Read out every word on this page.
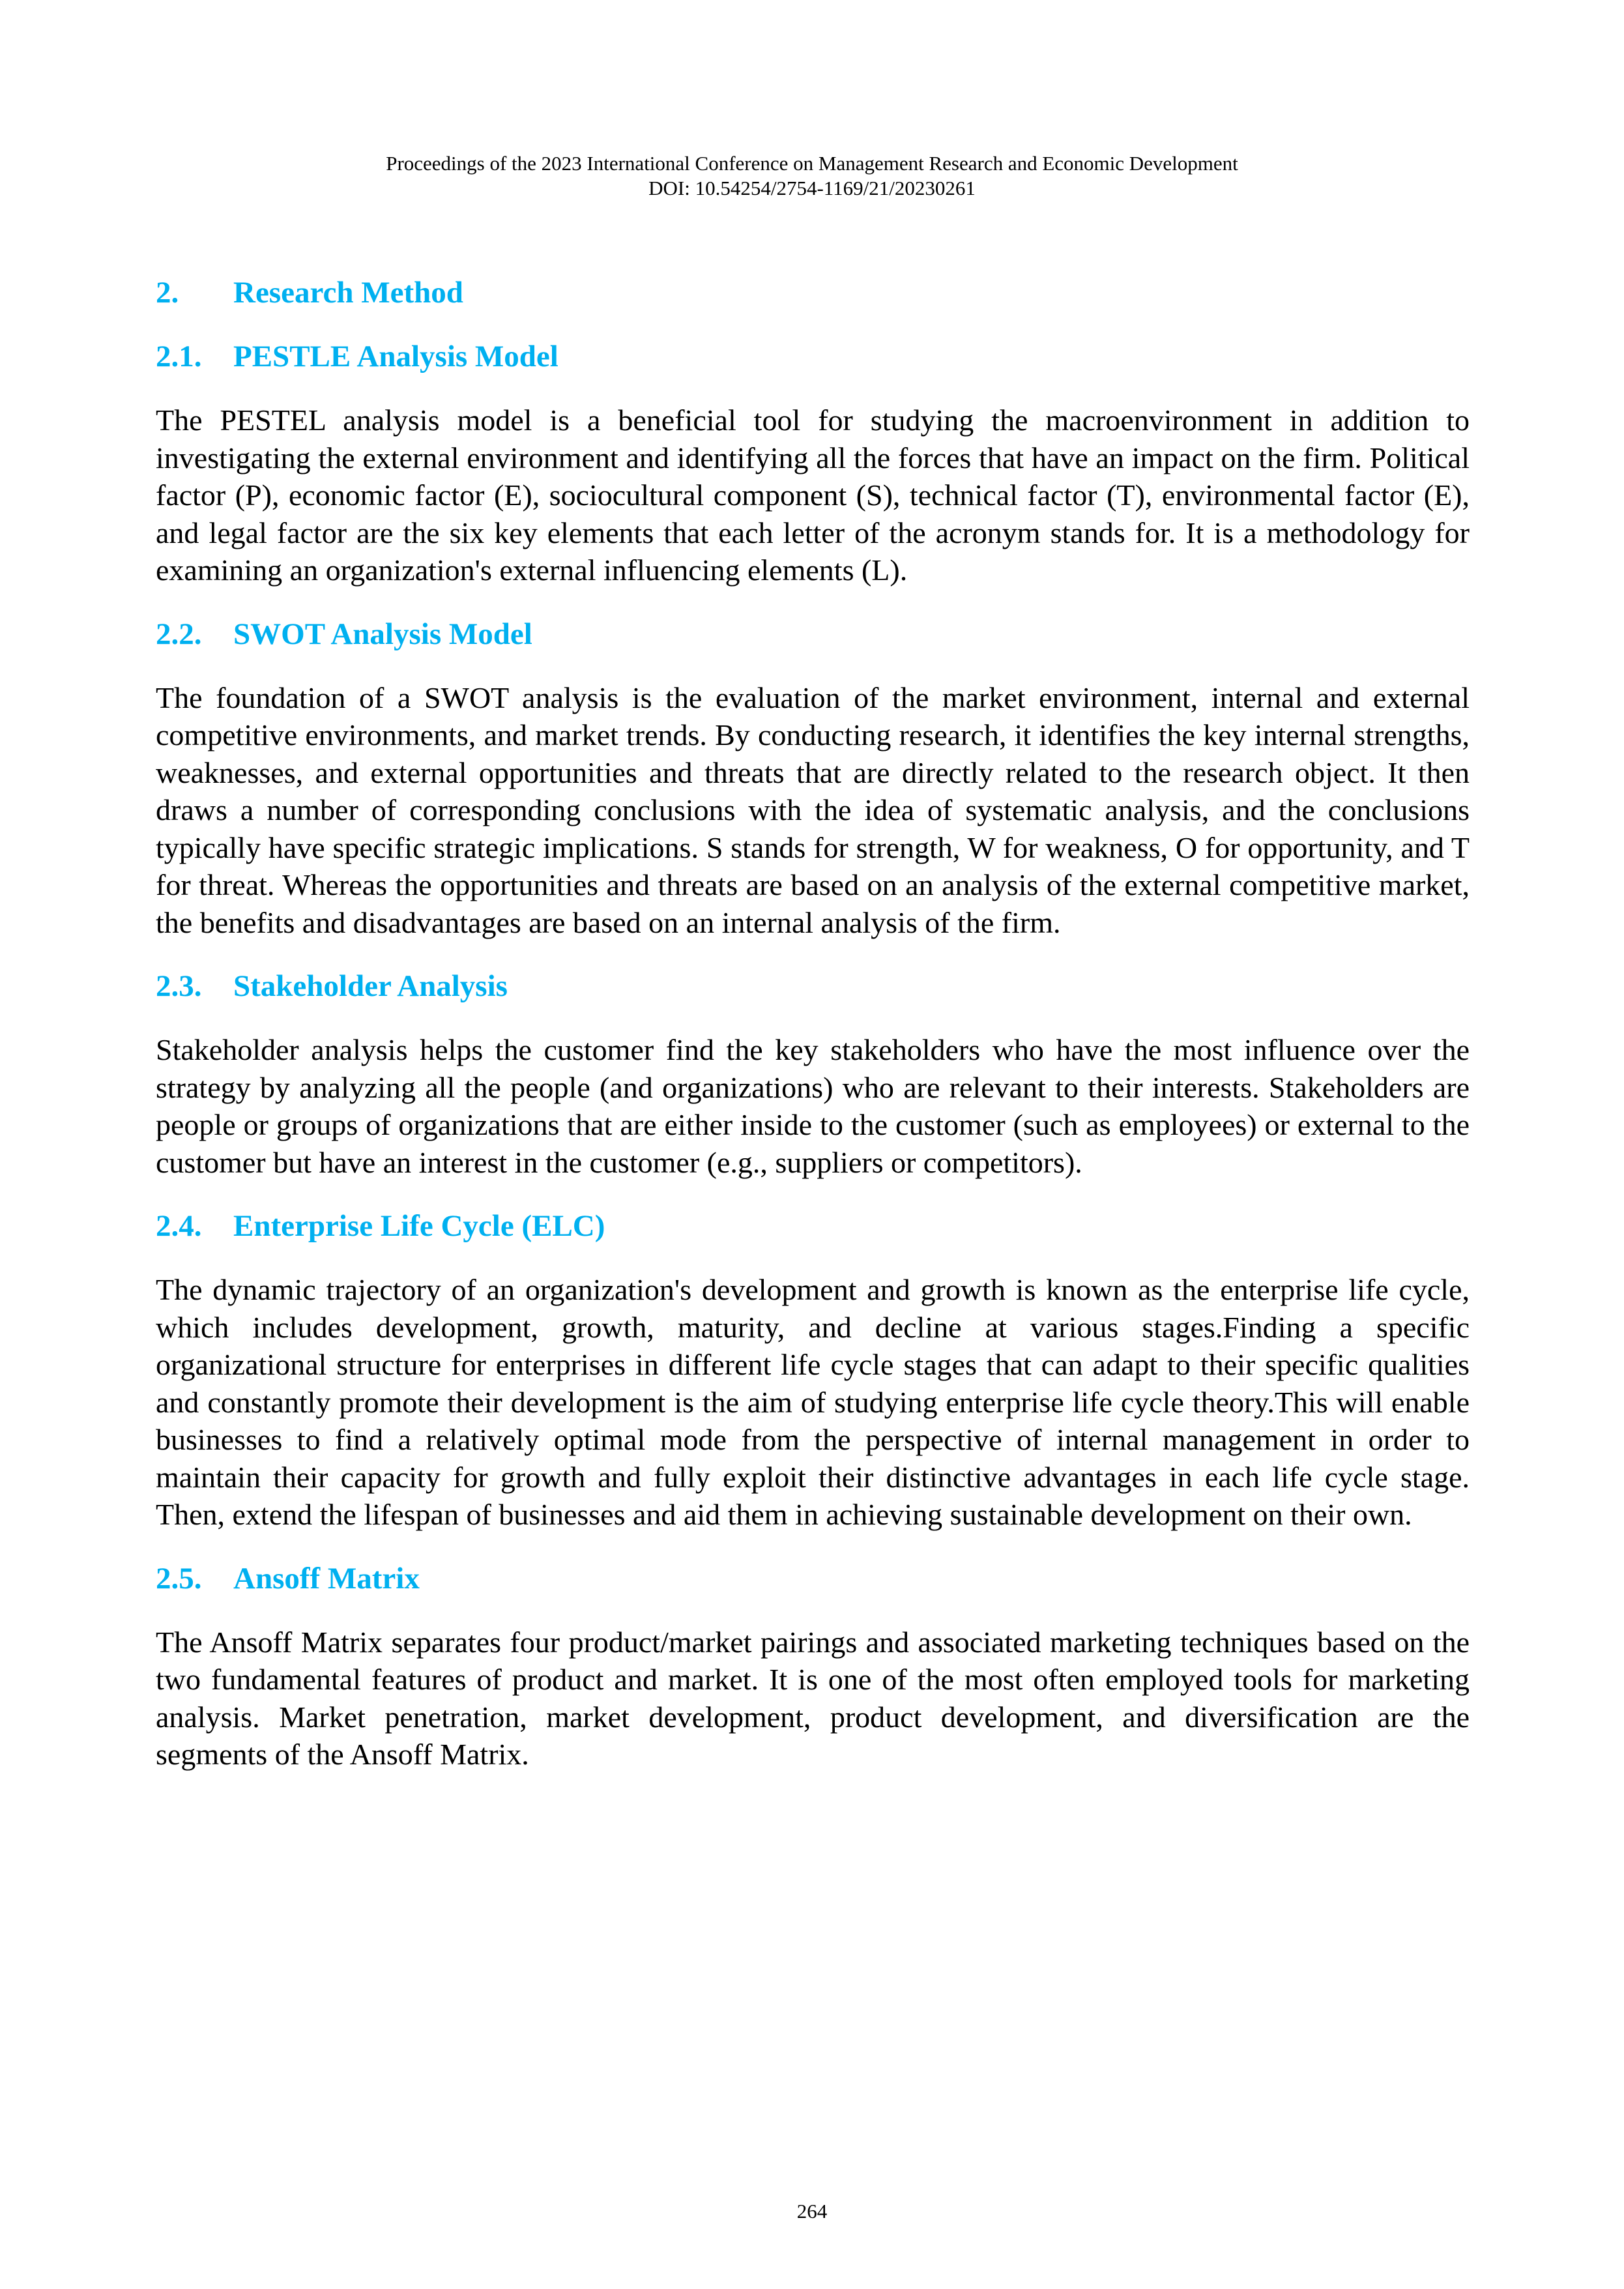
Proceedings of the 2023 International Conference on Management Research and Economic Development
DOI: 10.54254/2754-1169/21/20230261
2.	Research Method
2.1.	PESTLE Analysis Model

The PESTEL analysis model is a beneficial tool for studying the macroenvironment in addition to investigating the external environment and identifying all the forces that have an impact on the firm. Political factor (P), economic factor (E), sociocultural component (S), technical factor (T), environmental factor (E), and legal factor are the six key elements that each letter of the acronym stands for. It is a methodology for examining an organization's external influencing elements (L).

2.2.	SWOT Analysis Model

The foundation of a SWOT analysis is the evaluation of the market environment, internal and external competitive environments, and market trends. By conducting research, it identifies the key internal strengths, weaknesses, and external opportunities and threats that are directly related to the research object. It then draws a number of corresponding conclusions with the idea of systematic analysis, and the conclusions typically have specific strategic implications. S stands for strength, W for weakness, O for opportunity, and T for threat. Whereas the opportunities and threats are based on an analysis of the external competitive market, the benefits and disadvantages are based on an internal analysis of the firm.

2.3.	Stakeholder Analysis

Stakeholder analysis helps the customer find the key stakeholders who have the most influence over the strategy by analyzing all the people (and organizations) who are relevant to their interests. Stakeholders are people or groups of organizations that are either inside to the customer (such as employees) or external to the customer but have an interest in the customer (e.g., suppliers or competitors).

2.4.	Enterprise Life Cycle (ELC)

The dynamic trajectory of an organization's development and growth is known as the enterprise life cycle, which includes development, growth, maturity, and decline at various stages.Finding a specific organizational structure for enterprises in different life cycle stages that can adapt to their specific qualities and constantly promote their development is the aim of studying enterprise life cycle theory.This will enable businesses to find a relatively optimal mode from the perspective of internal management in order to maintain their capacity for growth and fully exploit their distinctive advantages in each life cycle stage. Then, extend the lifespan of businesses and aid them in achieving sustainable development on their own.

2.5.	Ansoff Matrix

The Ansoff Matrix separates four product/market pairings and associated marketing techniques based on the two fundamental features of product and market. It is one of the most often employed tools for marketing analysis. Market penetration, market development, product development, and diversification are the segments of the Ansoff Matrix.

264
